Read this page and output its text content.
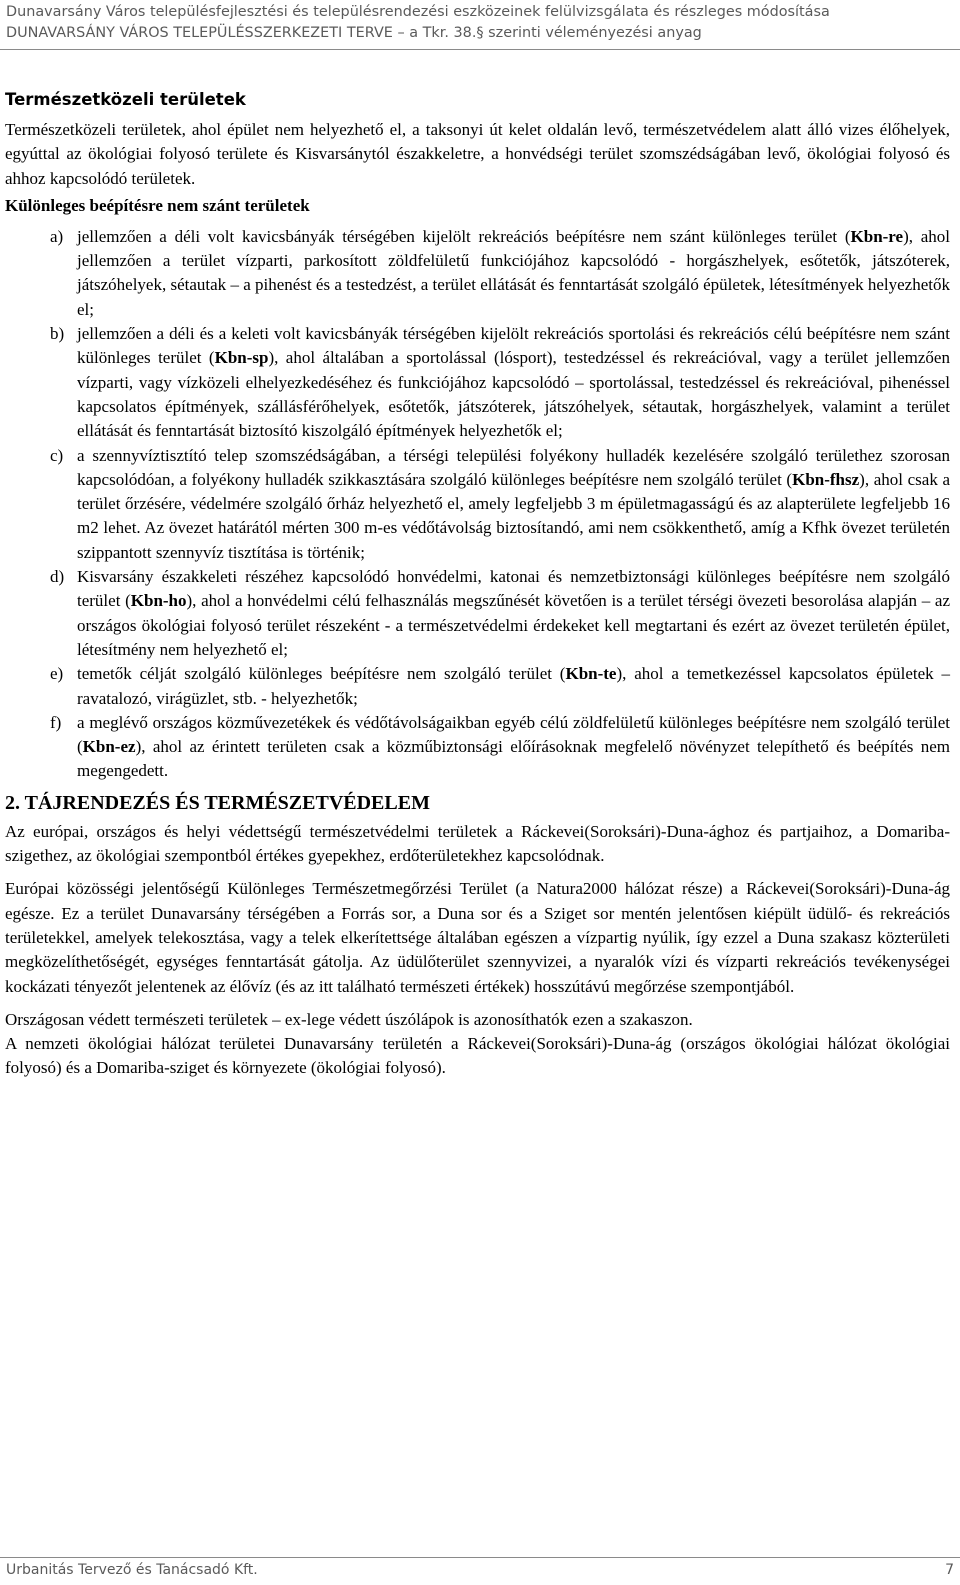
Dunavarsány Város településfejlesztési és településrendezési eszközeinek felülvizsgálata és részleges módosítása
DUNAVARSÁNY VÁROS TELEPÜLÉSSZERKEZETI TERVE – a Tkr. 38.§ szerinti véleményezési anyag
Természetközeli területek

Természetközeli területek, ahol épület nem helyezhető el, a taksonyi út kelet oldalán levő, természetvédelem alatt álló vizes élőhelyek, egyúttal az ökológiai folyosó területe és Kisvarsánytól északkeletre, a honvédségi terület szomszédságában levő, ökológiai folyosó és ahhoz kapcsolódó területek.

Különleges beépítésre nem szánt területek
a) jellemzően a déli volt kavicsbányák térségében kijelölt rekreációs beépítésre nem szánt különleges terület (Kbn-re), ahol jellemzően a terület vízparti, parkosított zöldfelületű funkciójához kapcsolódó - horgászhelyek, esőtetők, játszóterek, játszóhelyek, sétautak – a pihenést és a testedzést, a terület ellátását és fenntartását szolgáló épületek, létesítmények helyezhetők el;
b) jellemzően a déli és a keleti volt kavicsbányák térségében kijelölt rekreációs sportolási és rekreációs célú beépítésre nem szánt különleges terület (Kbn-sp), ahol általában a sportolással (lósport), testedzéssel és rekreációval, vagy a terület jellemzően vízparti, vagy vízközeli elhelyezkedéséhez és funkciójához kapcsolódó – sportolással, testedzéssel és rekreációval, pihenéssel kapcsolatos építmények, szállásférőhelyek, esőtetők, játszóterek, játszóhelyek, sétautak, horgászhelyek, valamint a terület ellátását és fenntartását biztosító kiszolgáló építmények helyezhetők el;
c) a szennyvíztisztító telep szomszédságában, a térségi települési folyékony hulladék kezelésére szolgáló területhez szorosan kapcsolódóan, a folyékony hulladék szikkasztására szolgáló különleges beépítésre nem szolgáló terület (Kbn-fhsz), ahol csak a terület őrzésére, védelmére szolgáló őrház helyezhető el, amely legfeljebb 3 m épületmagasságú és az alapterülete legfeljebb 16 m2 lehet. Az övezet határától mérten 300 m-es védőtávolság biztosítandó, ami nem csökkenthető, amíg a Kfhk övezet területén szippantott szennyvíz tisztítása is történik;
d) Kisvarsány északkeleti részéhez kapcsolódó honvédelmi, katonai és nemzetbiztonsági különleges beépítésre nem szolgáló terület (Kbn-ho), ahol a honvédelmi célú felhasználás megszűnését követően is a terület térségi övezeti besorolása alapján – az országos ökológiai folyosó terület részeként - a természetvédelmi érdekeket kell megtartani és ezért az övezet területén épület, létesítmény nem helyezhető el;
e) temetők célját szolgáló különleges beépítésre nem szolgáló terület (Kbn-te), ahol a temetkezéssel kapcsolatos épületek – ravatalozó, virágüzlet, stb. - helyezhetők;
f) a meglévő országos közművezetékek és védőtávolságaikban egyéb célú zöldfelületű különleges beépítésre nem szolgáló terület (Kbn-ez), ahol az érintett területen csak a közműbiztonsági előírásoknak megfelelő növényzet telepíthető és beépítés nem megengedett.
2. TÁJRENDEZÉS ÉS TERMÉSZETVÉDELEM

Az európai, országos és helyi védettségű természetvédelmi területek a Ráckevei(Soroksári)-Duna-ághoz és partjaihoz, a Domariba-szigethez, az ökológiai szempontból értékes gyepekhez, erdőterületekhez kapcsolódnak.

Európai közösségi jelentőségű Különleges Természetmegőrzési Terület (a Natura2000 hálózat része) a Ráckevei(Soroksári)-Duna-ág egésze. Ez a terület Dunavarsány térségében a Forrás sor, a Duna sor és a Sziget sor mentén jelentősen kiépült üdülő- és rekreációs területekkel, amelyek telekosztása, vagy a telek elkerítettsége általában egészen a vízpartig nyúlik, így ezzel a Duna szakasz közterületi megközelíthetőségét, egységes fenntartását gátolja. Az üdülőterület szennyvizei, a nyaralók vízi és vízparti rekreációs tevékenységei kockázati tényezőt jelentenek az élővíz (és az itt található természeti értékek) hosszútávú megőrzése szempontjából.

Országosan védett természeti területek – ex-lege védett úszólápok is azonosíthatók ezen a szakaszon.

A nemzeti ökológiai hálózat területei Dunavarsány területén a Ráckevei(Soroksári)-Duna-ág (országos ökológiai hálózat ökológiai folyosó) és a Domariba-sziget és környezete (ökológiai folyosó).

Urbanitás Tervező és Tanácsadó Kft.	7
